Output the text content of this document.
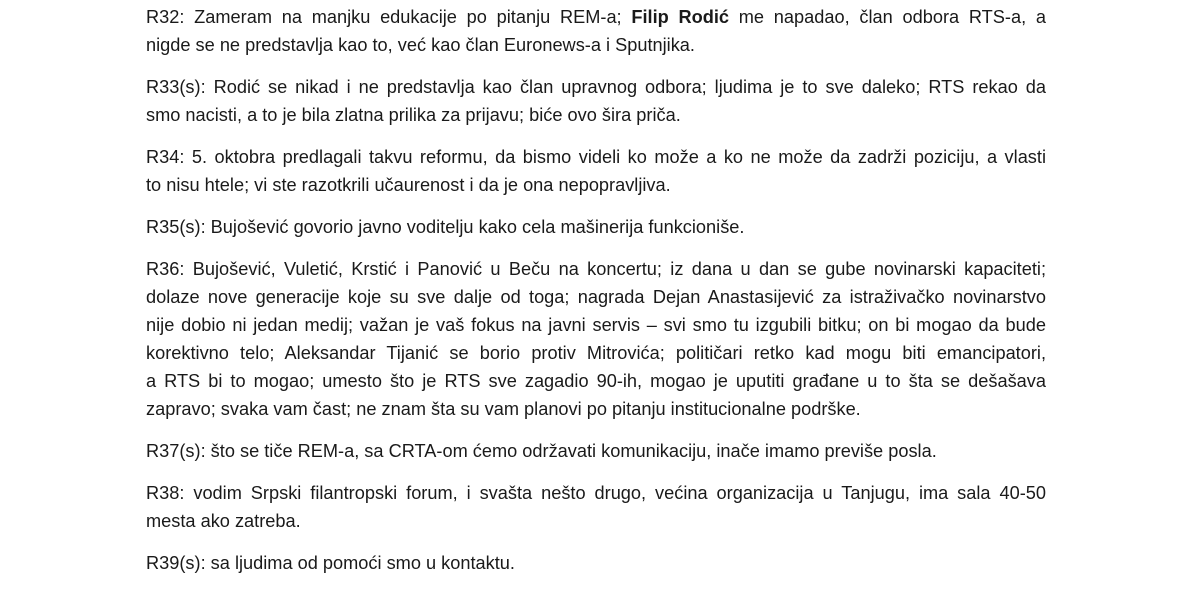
R32: Zameram na manjku edukacije po pitanju REM-a; Filip Rodić me napadao, član odbora RTS-a, a
nigde se ne predstavlja kao to, već kao član Euronews-a i Sputnjika.

R33(s): Rodić se nikad i ne predstavlja kao član upravnog odbora; ljudima je to sve daleko; RTS rekao da
smo nacisti, a to je bila zlatna prilika za prijavu; biće ovo šira priča.

R34: 5. oktobra predlagali takvu reformu, da bismo videli ko može a ko ne može da zadrži poziciju, a vlasti
to nisu htele; vi ste razotkrili učaurenost i da je ona nepopravljiva.

R35(s): Bujošević govorio javno voditelju kako cela mašinerija funkcioniše.

R36: Bujošević, Vuletić, Krstić i Panović u Beču na koncertu; iz dana u dan se gube novinarski kapaciteti;
dolaze nove generacije koje su sve dalje od toga; nagrada Dejan Anastasijević za istraživačko novinarstvo
nije dobio ni jedan medij; važan je vaš fokus na javni servis – svi smo tu izgubili bitku; on bi mogao da bude
korektivno telo; Aleksandar Tijanić se borio protiv Mitrovića; političari retko kad mogu biti emancipatori,
a RTS bi to mogao; umesto što je RTS sve zagadio 90-ih, mogao je uputiti građane u to šta se dešašava
zapravo; svaka vam čast; ne znam šta su vam planovi po pitanju institucionalne podrške.

R37(s): što se tiče REM-a, sa CRTA-om ćemo održavati komunikaciju, inače imamo previše posla.

R38: vodim Srpski filantropski forum, i svašta nešto drugo, većina organizacija u Tanjugu, ima sala 40-50
mesta ako zatreba.

R39(s): sa ljudima od pomoći smo u kontaktu.
